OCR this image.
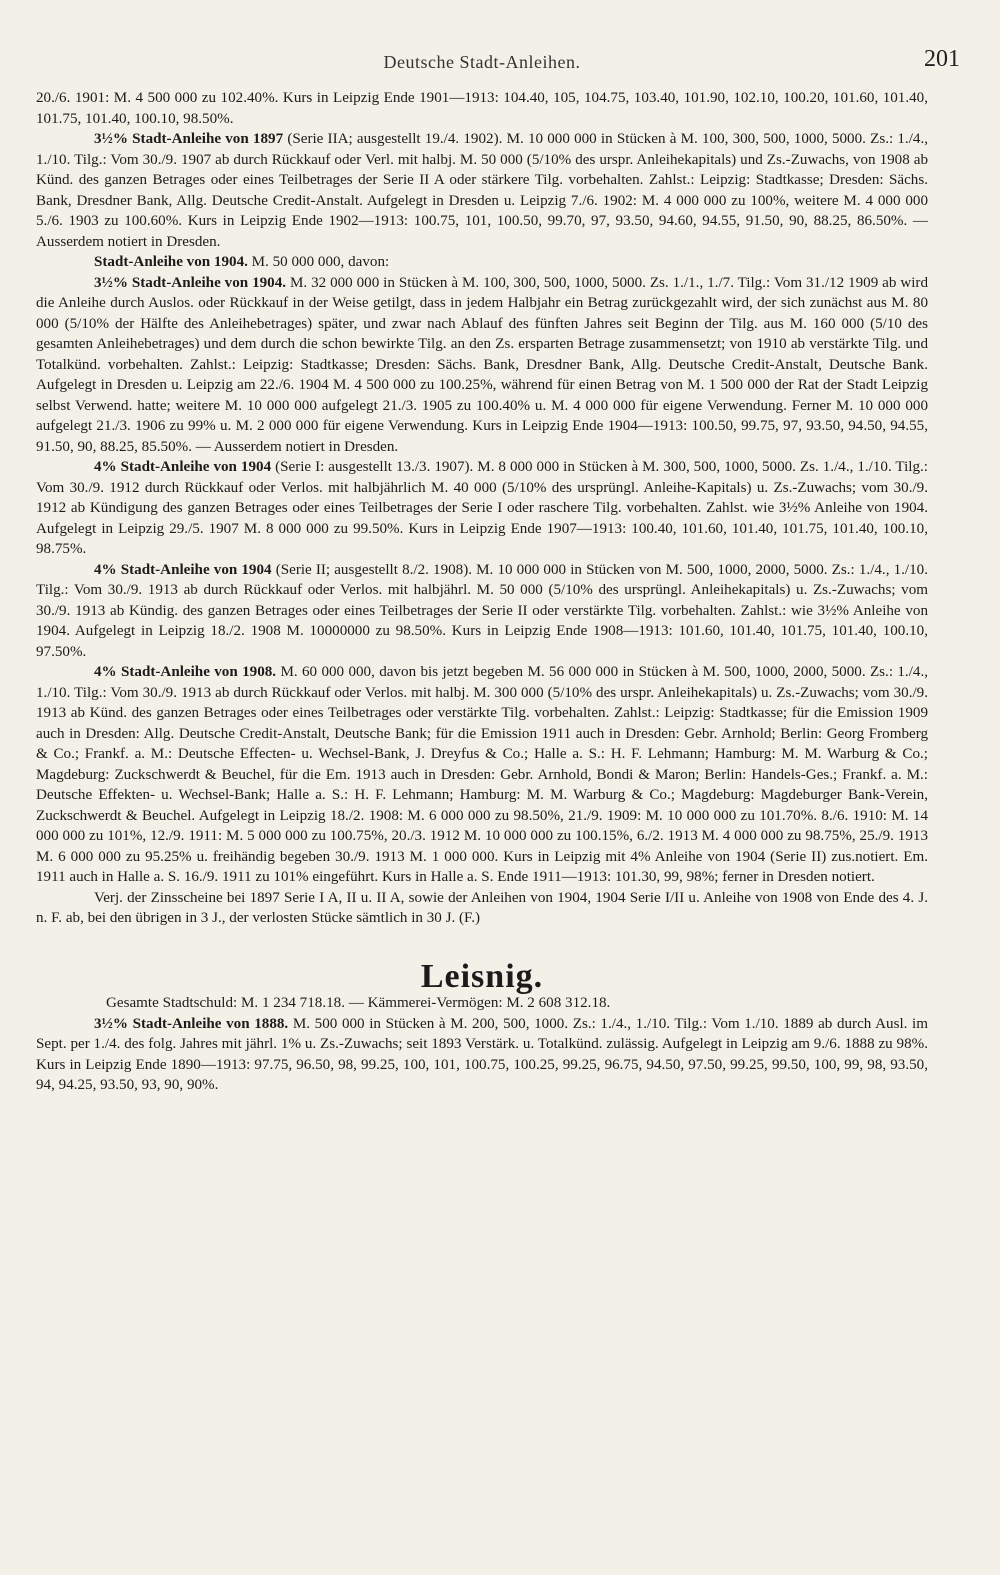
Deutsche Stadt-Anleihen.	201

20./6. 1901: M. 4 500 000 zu 102.40%. Kurs in Leipzig Ende 1901—1913: 104.40, 105, 104.75, 103.40, 101.90, 102.10, 100.20, 101.60, 101.40, 101.75, 101.40, 100.10, 98.50%.

3½% Stadt-Anleihe von 1897 (Serie IIA; ausgestellt 19./4. 1902). M. 10 000 000 in Stücken à M. 100, 300, 500, 1000, 5000. Zs.: 1./4., 1./10. Tilg.: Vom 30./9. 1907 ab durch Rückkauf oder Verl. mit halbj. M. 50 000 (5/10% des urspr. Anleihekapitals) und Zs.-Zuwachs, von 1908 ab Künd. des ganzen Betrages oder eines Teilbetrages der Serie II A oder stärkere Tilg. vorbehalten. Zahlst.: Leipzig: Stadtkasse; Dresden: Sächs. Bank, Dresdner Bank, Allg. Deutsche Credit-Anstalt. Aufgelegt in Dresden u. Leipzig 7./6. 1902: M. 4 000 000 zu 100%, weitere M. 4 000 000 5./6. 1903 zu 100.60%. Kurs in Leipzig Ende 1902—1913: 100.75, 101, 100.50, 99.70, 97, 93.50, 94.60, 94.55, 91.50, 90, 88.25, 86.50%. — Ausserdem notiert in Dresden.

Stadt-Anleihe von 1904. M. 50 000 000, davon:

3½% Stadt-Anleihe von 1904. M. 32 000 000 in Stücken à M. 100, 300, 500, 1000, 5000. Zs. 1./1., 1./7. Tilg.: Vom 31./12 1909 ab wird die Anleihe durch Auslos. oder Rückkauf in der Weise getilgt, dass in jedem Halbjahr ein Betrag zurückgezahlt wird, der sich zunächst aus M. 80 000 (5/10% der Hälfte des Anleihebetrages) später, und zwar nach Ablauf des fünften Jahres seit Beginn der Tilg. aus M. 160 000 (5/10 des gesamten Anleihebetrages) und dem durch die schon bewirkte Tilg. an den Zs. ersparten Betrage zusammensetzt; von 1910 ab verstärkte Tilg. und Totalkünd. vorbehalten. Zahlst.: Leipzig: Stadtkasse; Dresden: Sächs. Bank, Dresdner Bank, Allg. Deutsche Credit-Anstalt, Deutsche Bank. Aufgelegt in Dresden u. Leipzig am 22./6. 1904 M. 4 500 000 zu 100.25%, während für einen Betrag von M. 1 500 000 der Rat der Stadt Leipzig selbst Verwend. hatte; weitere M. 10 000 000 aufgelegt 21./3. 1905 zu 100.40% u. M. 4 000 000 für eigene Verwendung. Ferner M. 10 000 000 aufgelegt 21./3. 1906 zu 99% u. M. 2 000 000 für eigene Verwendung. Kurs in Leipzig Ende 1904—1913: 100.50, 99.75, 97, 93.50, 94.50, 94.55, 91.50, 90, 88.25, 85.50%. — Ausserdem notiert in Dresden.

4% Stadt-Anleihe von 1904 (Serie I: ausgestellt 13./3. 1907). M. 8 000 000 in Stücken à M. 300, 500, 1000, 5000. Zs. 1./4., 1./10. Tilg.: Vom 30./9. 1912 durch Rückkauf oder Verlos. mit halbjährlich M. 40 000 (5/10% des ursprüngl. Anleihe-Kapitals) u. Zs.-Zuwachs; vom 30./9. 1912 ab Kündigung des ganzen Betrages oder eines Teilbetrages der Serie I oder raschere Tilg. vorbehalten. Zahlst. wie 3½% Anleihe von 1904. Aufgelegt in Leipzig 29./5. 1907 M. 8 000 000 zu 99.50%. Kurs in Leipzig Ende 1907—1913: 100.40, 101.60, 101.40, 101.75, 101.40, 100.10, 98.75%.

4% Stadt-Anleihe von 1904 (Serie II; ausgestellt 8./2. 1908). M. 10 000 000 in Stücken von M. 500, 1000, 2000, 5000. Zs.: 1./4., 1./10. Tilg.: Vom 30./9. 1913 ab durch Rückkauf oder Verlos. mit halbjährl. M. 50 000 (5/10% des ursprüngl. Anleihekapitals) u. Zs.-Zuwachs; vom 30./9. 1913 ab Kündig. des ganzen Betrages oder eines Teilbetrages der Serie II oder verstärkte Tilg. vorbehalten. Zahlst.: wie 3½% Anleihe von 1904. Aufgelegt in Leipzig 18./2. 1908 M. 10000000 zu 98.50%. Kurs in Leipzig Ende 1908—1913: 101.60, 101.40, 101.75, 101.40, 100.10, 97.50%.

4% Stadt-Anleihe von 1908. M. 60 000 000, davon bis jetzt begeben M. 56 000 000 in Stücken à M. 500, 1000, 2000, 5000. Zs.: 1./4., 1./10. Tilg.: Vom 30./9. 1913 ab durch Rückkauf oder Verlos. mit halbj. M. 300 000 (5/10% des urspr. Anleihekapitals) u. Zs.-Zuwachs; vom 30./9. 1913 ab Künd. des ganzen Betrages oder eines Teilbetrages oder verstärkte Tilg. vorbehalten. Zahlst.: Leipzig: Stadtkasse; für die Emission 1909 auch in Dresden: Allg. Deutsche Credit-Anstalt, Deutsche Bank; für die Emission 1911 auch in Dresden: Gebr. Arnhold; Berlin: Georg Fromberg & Co.; Frankf. a. M.: Deutsche Effecten- u. Wechsel-Bank, J. Dreyfus & Co.; Halle a. S.: H. F. Lehmann; Hamburg: M. M. Warburg & Co.; Magdeburg: Zuckschwerdt & Beuchel, für die Em. 1913 auch in Dresden: Gebr. Arnhold, Bondi & Maron; Berlin: Handels-Ges.; Frankf. a. M.: Deutsche Effekten- u. Wechsel-Bank; Halle a. S.: H. F. Lehmann; Hamburg: M. M. Warburg & Co.; Magdeburg: Magdeburger Bank-Verein, Zuckschwerdt & Beuchel. Aufgelegt in Leipzig 18./2. 1908: M. 6 000 000 zu 98.50%, 21./9. 1909: M. 10 000 000 zu 101.70%. 8./6. 1910: M. 14 000 000 zu 101%, 12./9. 1911: M. 5 000 000 zu 100.75%, 20./3. 1912 M. 10 000 000 zu 100.15%, 6./2. 1913 M. 4 000 000 zu 98.75%, 25./9. 1913 M. 6 000 000 zu 95.25% u. freihändig begeben 30./9. 1913 M. 1 000 000. Kurs in Leipzig mit 4% Anleihe von 1904 (Serie II) zus.notiert. Em. 1911 auch in Halle a. S. 16./9. 1911 zu 101% eingeführt. Kurs in Halle a. S. Ende 1911—1913: 101.30, 99, 98%; ferner in Dresden notiert.

Verj. der Zinsscheine bei 1897 Serie I A, II u. II A, sowie der Anleihen von 1904, 1904 Serie I/II u. Anleihe von 1908 von Ende des 4. J. n. F. ab, bei den übrigen in 3 J., der verlosten Stücke sämtlich in 30 J. (F.)

Leisnig.

Gesamte Stadtschuld: M. 1 234 718.18. — Kämmerei-Vermögen: M. 2 608 312.18.

3½% Stadt-Anleihe von 1888. M. 500 000 in Stücken à M. 200, 500, 1000. Zs.: 1./4., 1./10. Tilg.: Vom 1./10. 1889 ab durch Ausl. im Sept. per 1./4. des folg. Jahres mit jährl. 1% u. Zs.-Zuwachs; seit 1893 Verstärk. u. Totalkünd. zulässig. Aufgelegt in Leipzig am 9./6. 1888 zu 98%. Kurs in Leipzig Ende 1890—1913: 97.75, 96.50, 98, 99.25, 100, 101, 100.75, 100.25, 99.25, 96.75, 94.50, 97.50, 99.25, 99.50, 100, 99, 98, 93.50, 94, 94.25, 93.50, 93, 90, 90%.
